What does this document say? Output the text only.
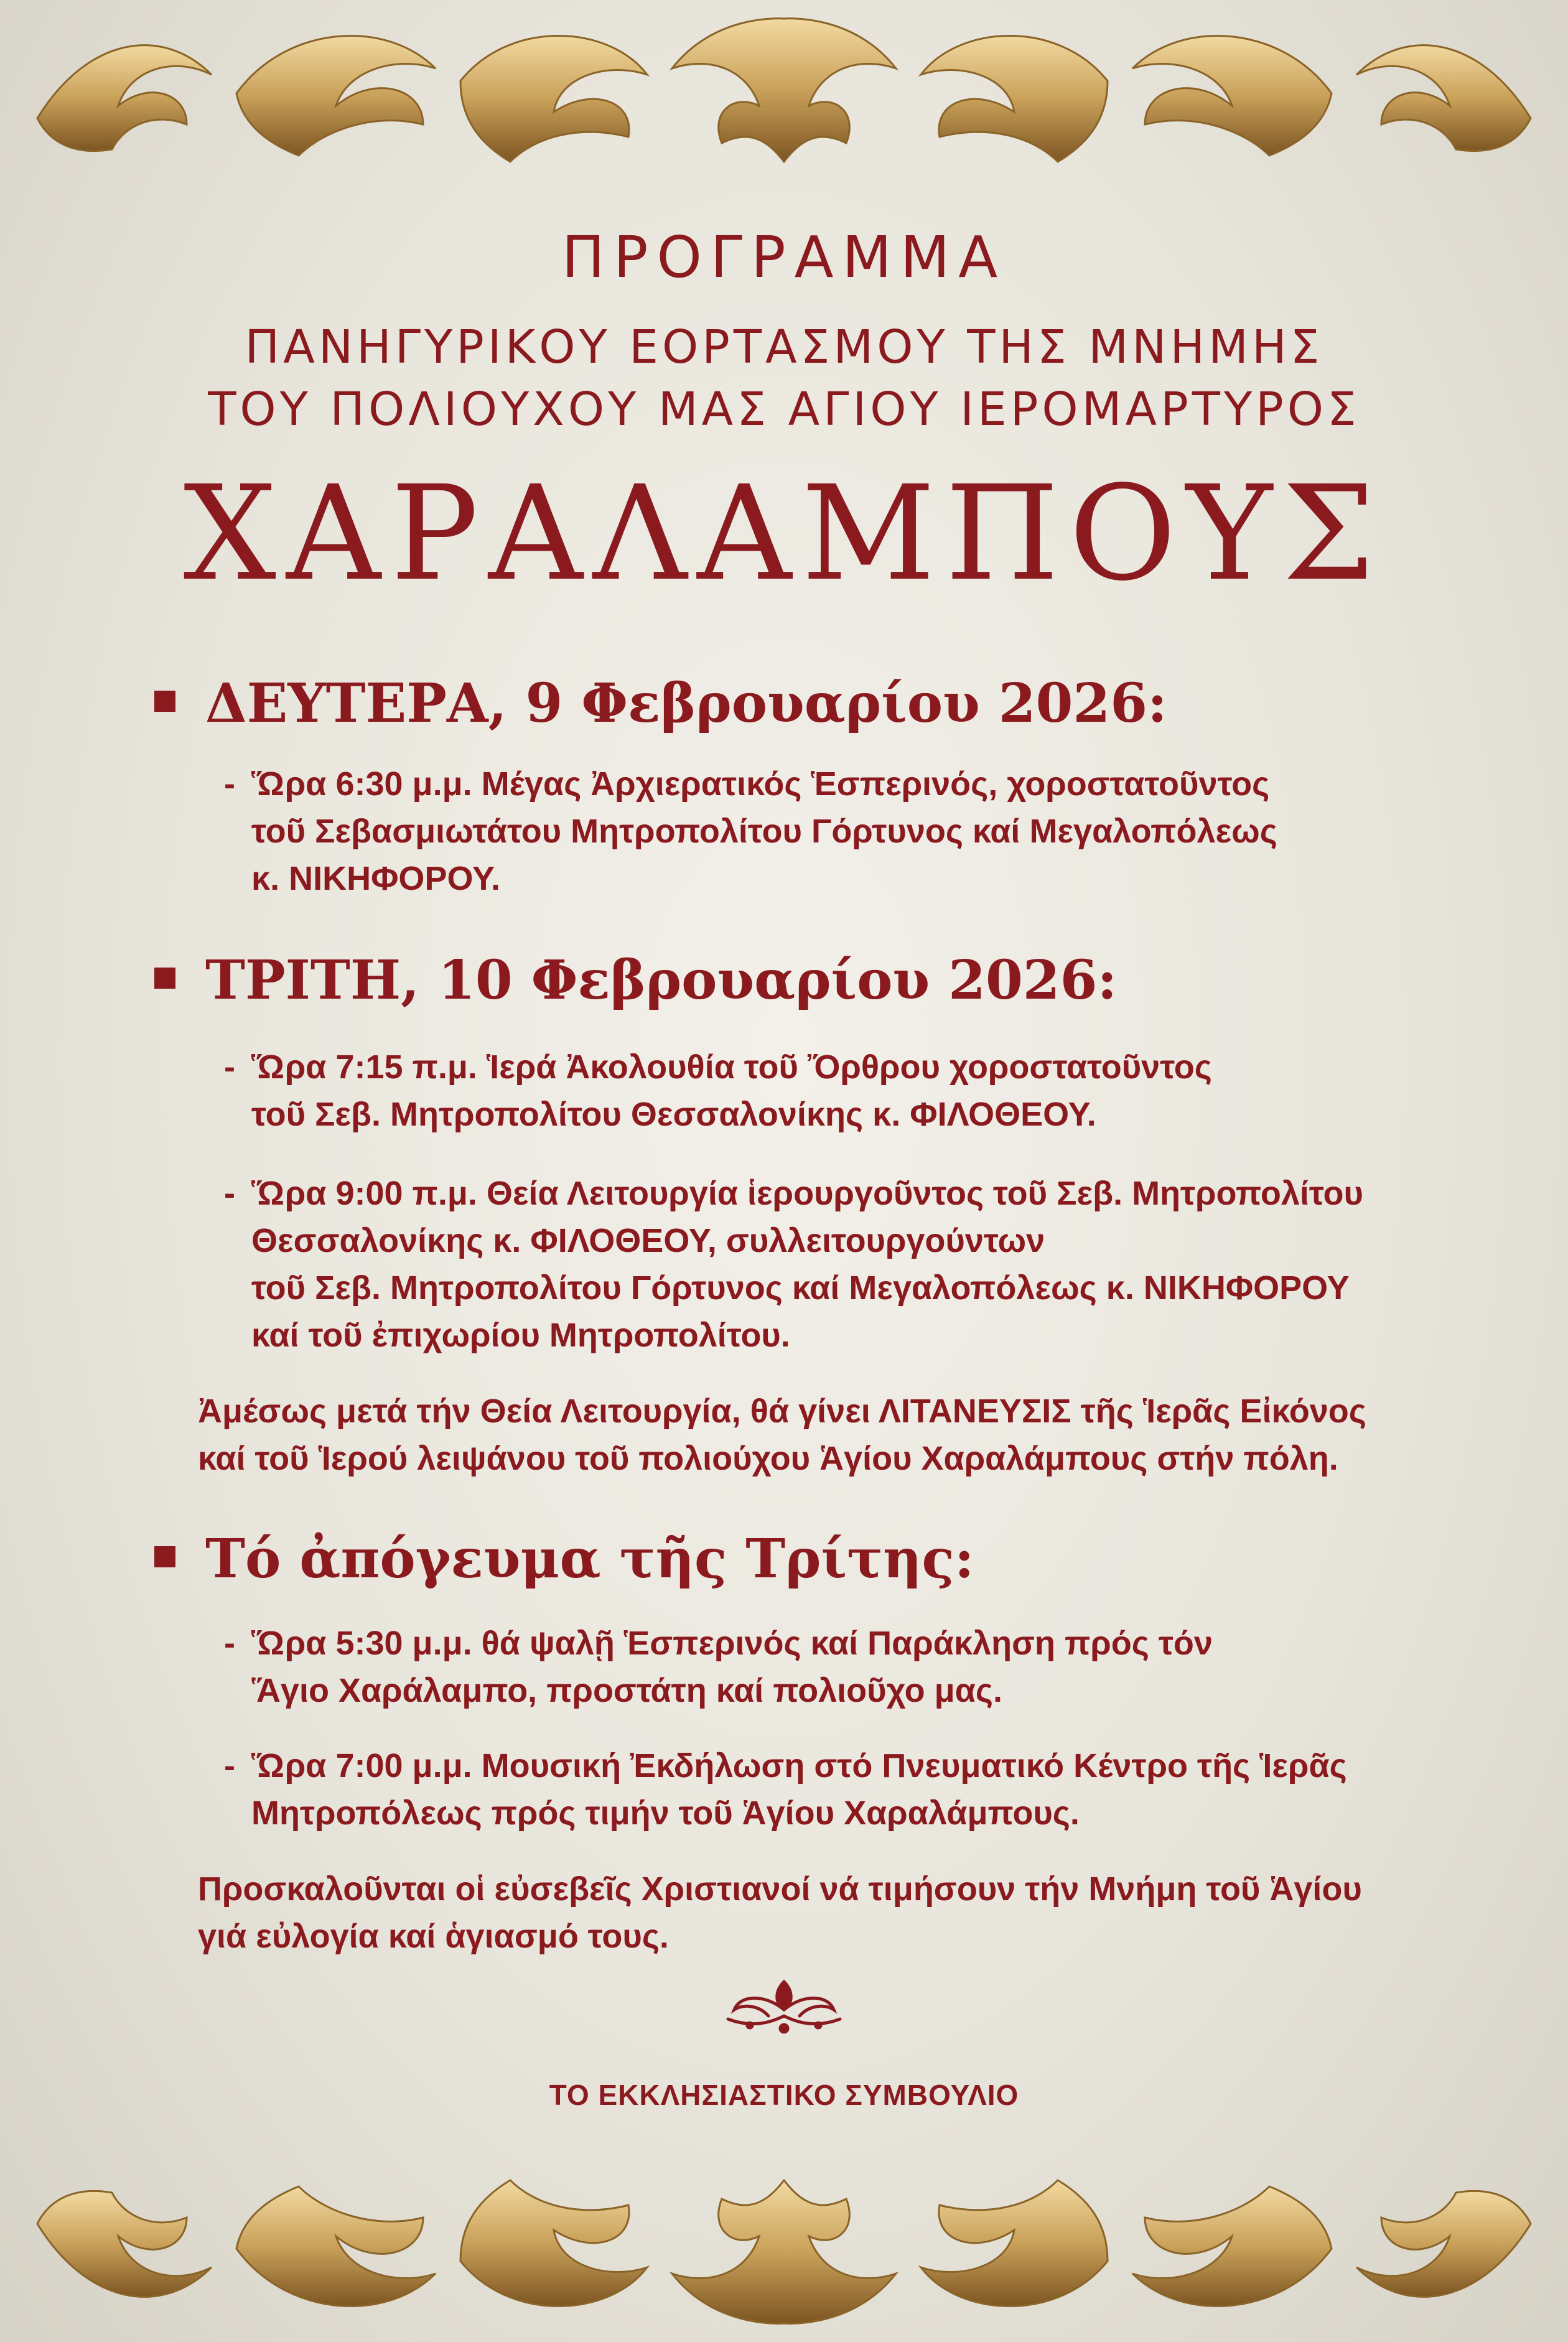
ΠΡΟΓΡΑΜΜΑ
ΠΑΝΗΓΥΡΙΚΟΥ ΕΟΡΤΑΣΜΟΥ ΤΗΣ ΜΝΗΜΗΣ
ΤΟΥ ΠΟΛΙΟΥΧΟΥ ΜΑΣ ΑΓΙΟΥ ΙΕΡΟΜΑΡΤΥΡΟΣ
ΧΑΡΑΛΑΜΠΟΥΣ
ΔΕΥΤΕΡΑ, 9 Φεβρουαρίου 2026:
- Ὥρα 6:30 μ.μ. Μέγας Ἀρχιερατικός Ἑσπερινός, χοροστατοῦντος
τοῦ Σεβασμιωτάτου Μητροπολίτου Γόρτυνος καί Μεγαλοπόλεως
κ. ΝΙΚΗΦΟΡΟΥ.
ΤΡΙΤΗ, 10 Φεβρουαρίου 2026:
- Ὥρα 7:15 π.μ. Ἱερά Ἀκολουθία τοῦ Ὄρθρου χοροστατοῦντος
τοῦ Σεβ. Μητροπολίτου Θεσσαλονίκης κ. ΦΙΛΟΘΕΟΥ.
- Ὥρα 9:00 π.μ. Θεία Λειτουργία ἱερουργοῦντος τοῦ Σεβ. Μητροπολίτου
Θεσσαλονίκης κ. ΦΙΛΟΘΕΟΥ, συλλειτουργούντων
τοῦ Σεβ. Μητροπολίτου Γόρτυνος καί Μεγαλοπόλεως κ. ΝΙΚΗΦΟΡΟΥ
καί τοῦ ἐπιχωρίου Μητροπολίτου.
Ἀμέσως μετά τήν Θεία Λειτουργία, θά γίνει ΛΙΤΑΝΕΥΣΙΣ τῆς Ἱερᾶς Εἰκόνος
καί τοῦ Ἱερού λειψάνου τοῦ πολιούχου Ἁγίου Χαραλάμπους στήν πόλη.
Τό ἀπόγευμα τῆς Τρίτης:
- Ὥρα 5:30 μ.μ. θά ψαλῇ Ἑσπερινός καί Παράκληση πρός τόν
Ἅγιο Χαράλαμπο, προστάτη καί πολιοῦχο μας.
- Ὥρα 7:00 μ.μ. Μουσική Ἐκδήλωση στό Πνευματικό Κέντρο τῆς Ἱερᾶς
Μητροπόλεως πρός τιμήν τοῦ Ἁγίου Χαραλάμπους.
Προσκαλοῦνται οἱ εὐσεβεῖς Χριστιανοί νά τιμήσουν τήν Μνήμη τοῦ Ἁγίου
γιά εὐλογία καί ἁγιασμό τους.
ΤΟ ΕΚΚΛΗΣΙΑΣΤΙΚΟ ΣΥΜΒΟΥΛΙΟ
